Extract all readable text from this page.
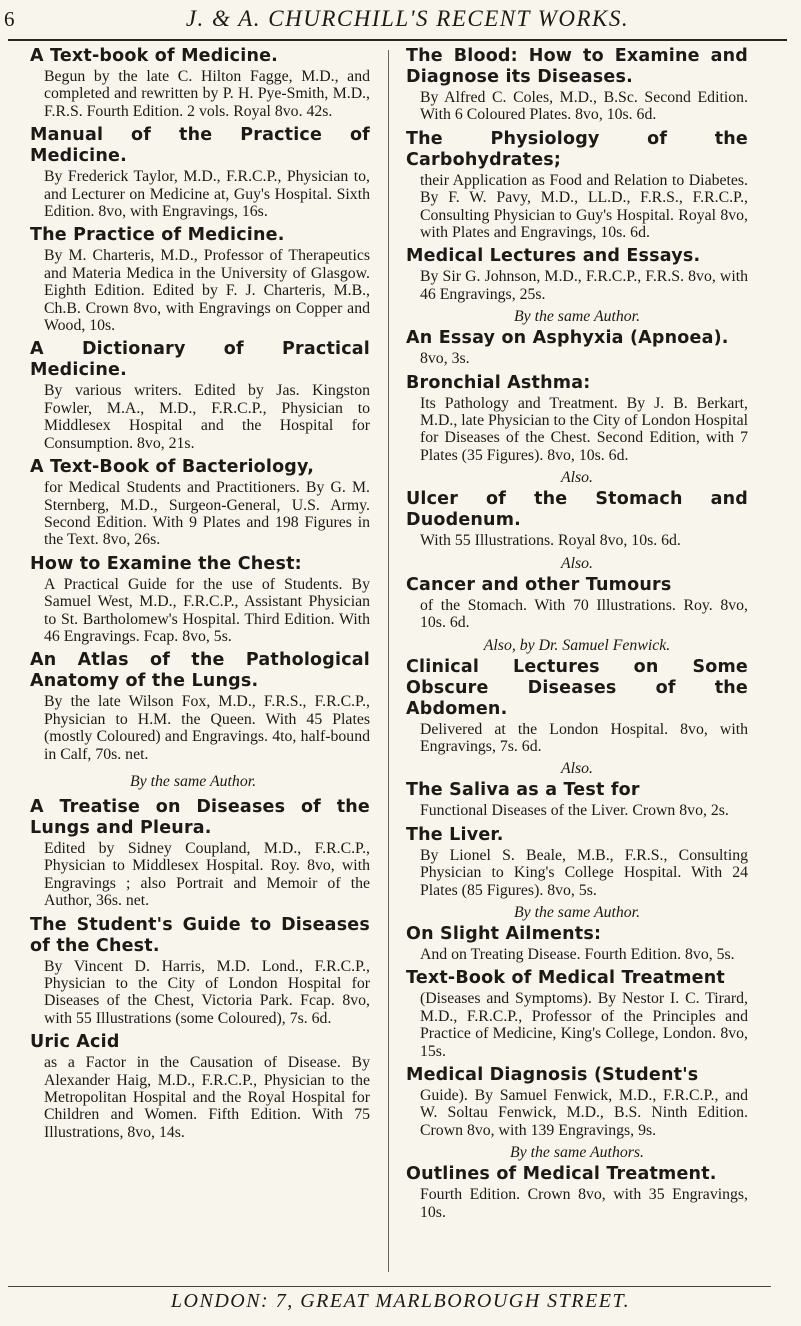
6	J. & A. CHURCHILL'S RECENT WORKS.
A Text-book of Medicine.
Begun by the late C. Hilton Fagge, M.D., and completed and rewritten by P. H. Pye-Smith, M.D., F.R.S. Fourth Edition. 2 vols. Royal 8vo. 42s.
Manual of the Practice of Medicine.
By Frederick Taylor, M.D., F.R.C.P., Physician to, and Lecturer on Medicine at, Guy's Hospital. Sixth Edition. 8vo, with Engravings, 16s.
The Practice of Medicine.
By M. Charteris, M.D., Professor of Therapeutics and Materia Medica in the University of Glasgow. Eighth Edition. Edited by F. J. Charteris, M.B., Ch.B. Crown 8vo, with Engravings on Copper and Wood, 10s.
A Dictionary of Practical Medicine.
By various writers. Edited by Jas. Kingston Fowler, M.A., M.D., F.R.C.P., Physician to Middlesex Hospital and the Hospital for Consumption. 8vo, 21s.
A Text-Book of Bacteriology,
for Medical Students and Practitioners. By G. M. Sternberg, M.D., Surgeon-General, U.S. Army. Second Edition. With 9 Plates and 198 Figures in the Text. 8vo, 26s.
How to Examine the Chest:
A Practical Guide for the use of Students. By Samuel West, M.D., F.R.C.P., Assistant Physician to St. Bartholomew's Hospital. Third Edition. With 46 Engravings. Fcap. 8vo, 5s.
An Atlas of the Pathological Anatomy of the Lungs.
By the late Wilson Fox, M.D., F.R.S., F.R.C.P., Physician to H.M. the Queen. With 45 Plates (mostly Coloured) and Engravings. 4to, half-bound in Calf, 70s. net.
By the same Author.
A Treatise on Diseases of the Lungs and Pleura.
Edited by Sidney Coupland, M.D., F.R.C.P., Physician to Middlesex Hospital. Roy. 8vo, with Engravings ; also Portrait and Memoir of the Author, 36s. net.
The Student's Guide to Diseases of the Chest.
By Vincent D. Harris, M.D. Lond., F.R.C.P., Physician to the City of London Hospital for Diseases of the Chest, Victoria Park. Fcap. 8vo, with 55 Illustrations (some Coloured), 7s. 6d.
Uric Acid
as a Factor in the Causation of Disease. By Alexander Haig, M.D., F.R.C.P., Physician to the Metropolitan Hospital and the Royal Hospital for Children and Women. Fifth Edition. With 75 Illustrations, 8vo, 14s.
The Blood: How to Examine and Diagnose its Diseases.
By Alfred C. Coles, M.D., B.Sc. Second Edition. With 6 Coloured Plates. 8vo, 10s. 6d.
The Physiology of the Carbohydrates;
their Application as Food and Relation to Diabetes. By F. W. Pavy, M.D., LL.D., F.R.S., F.R.C.P., Consulting Physician to Guy's Hospital. Royal 8vo, with Plates and Engravings, 10s. 6d.
Medical Lectures and Essays.
By Sir G. Johnson, M.D., F.R.C.P., F.R.S. 8vo, with 46 Engravings, 25s.
By the same Author.
An Essay on Asphyxia (Apnoea).
8vo, 3s.
Bronchial Asthma:
Its Pathology and Treatment. By J. B. Berkart, M.D., late Physician to the City of London Hospital for Diseases of the Chest. Second Edition, with 7 Plates (35 Figures). 8vo, 10s. 6d.
Also.
Ulcer of the Stomach and Duodenum.
With 55 Illustrations. Royal 8vo, 10s. 6d.
Also.
Cancer and other Tumours
of the Stomach. With 70 Illustrations. Roy. 8vo, 10s. 6d.
Also, by Dr. Samuel Fenwick.
Clinical Lectures on Some Obscure Diseases of the Abdomen.
Delivered at the London Hospital. 8vo, with Engravings, 7s. 6d.
Also.
The Saliva as a Test for
Functional Diseases of the Liver. Crown 8vo, 2s.
The Liver.
By Lionel S. Beale, M.B., F.R.S., Consulting Physician to King's College Hospital. With 24 Plates (85 Figures). 8vo, 5s.
By the same Author.
On Slight Ailments:
And on Treating Disease. Fourth Edition. 8vo, 5s.
Text-Book of Medical Treatment
(Diseases and Symptoms). By Nestor I. C. Tirard, M.D., F.R.C.P., Professor of the Principles and Practice of Medicine, King's College, London. 8vo, 15s.
Medical Diagnosis (Student's
Guide). By Samuel Fenwick, M.D., F.R.C.P., and W. Soltau Fenwick, M.D., B.S. Ninth Edition. Crown 8vo, with 139 Engravings, 9s.
By the same Authors.
Outlines of Medical Treatment.
Fourth Edition. Crown 8vo, with 35 Engravings, 10s.
LONDON: 7, GREAT MARLBOROUGH STREET.
